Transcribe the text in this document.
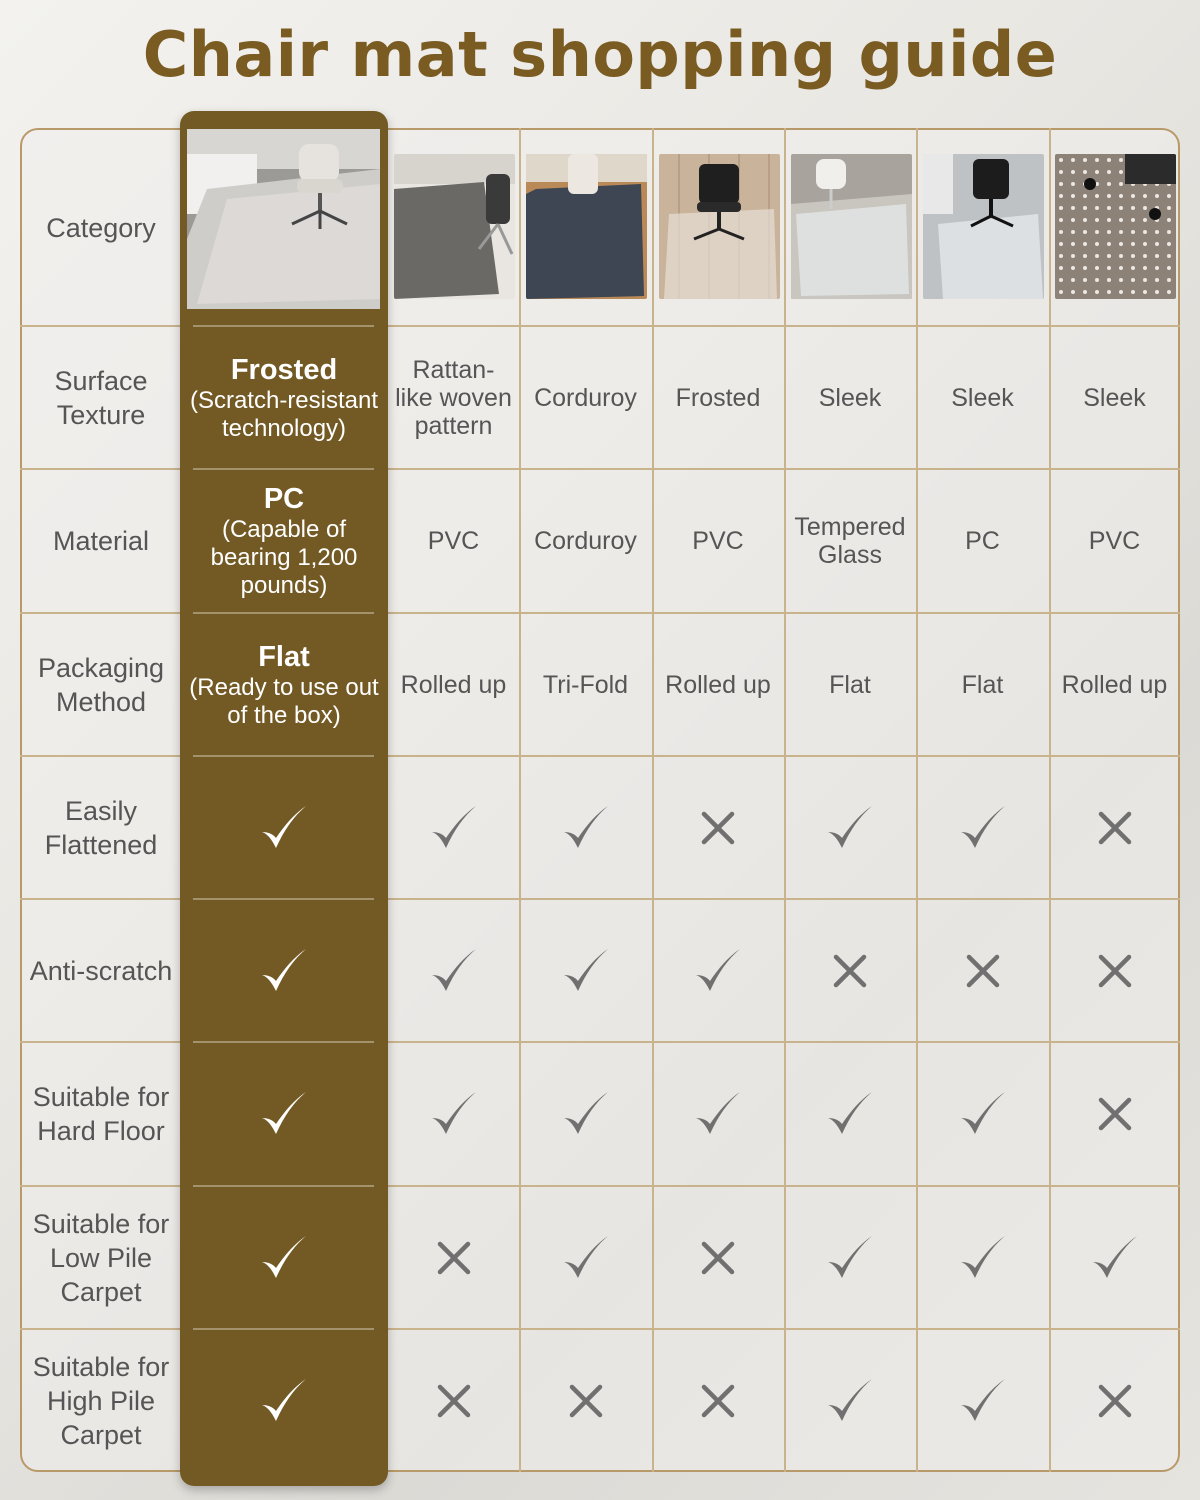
Chair mat shopping guide
Category
Surface Texture
Material
Packaging Method
Easily Flattened
Anti-scratch
Suitable for Hard Floor
Suitable for Low Pile Carpet
Suitable for High Pile Carpet
Frosted
(Scratch-resistant technology)
PC
(Capable of bearing 1,200 pounds)
Flat
(Ready to use out of the box)
Rattan-like woven pattern
PVC
Rolled up
Corduroy
Corduroy
Tri-Fold
Frosted
PVC
Rolled up
Sleek
Tempered Glass
Flat
Sleek
PC
Flat
Sleek
PVC
Rolled up
